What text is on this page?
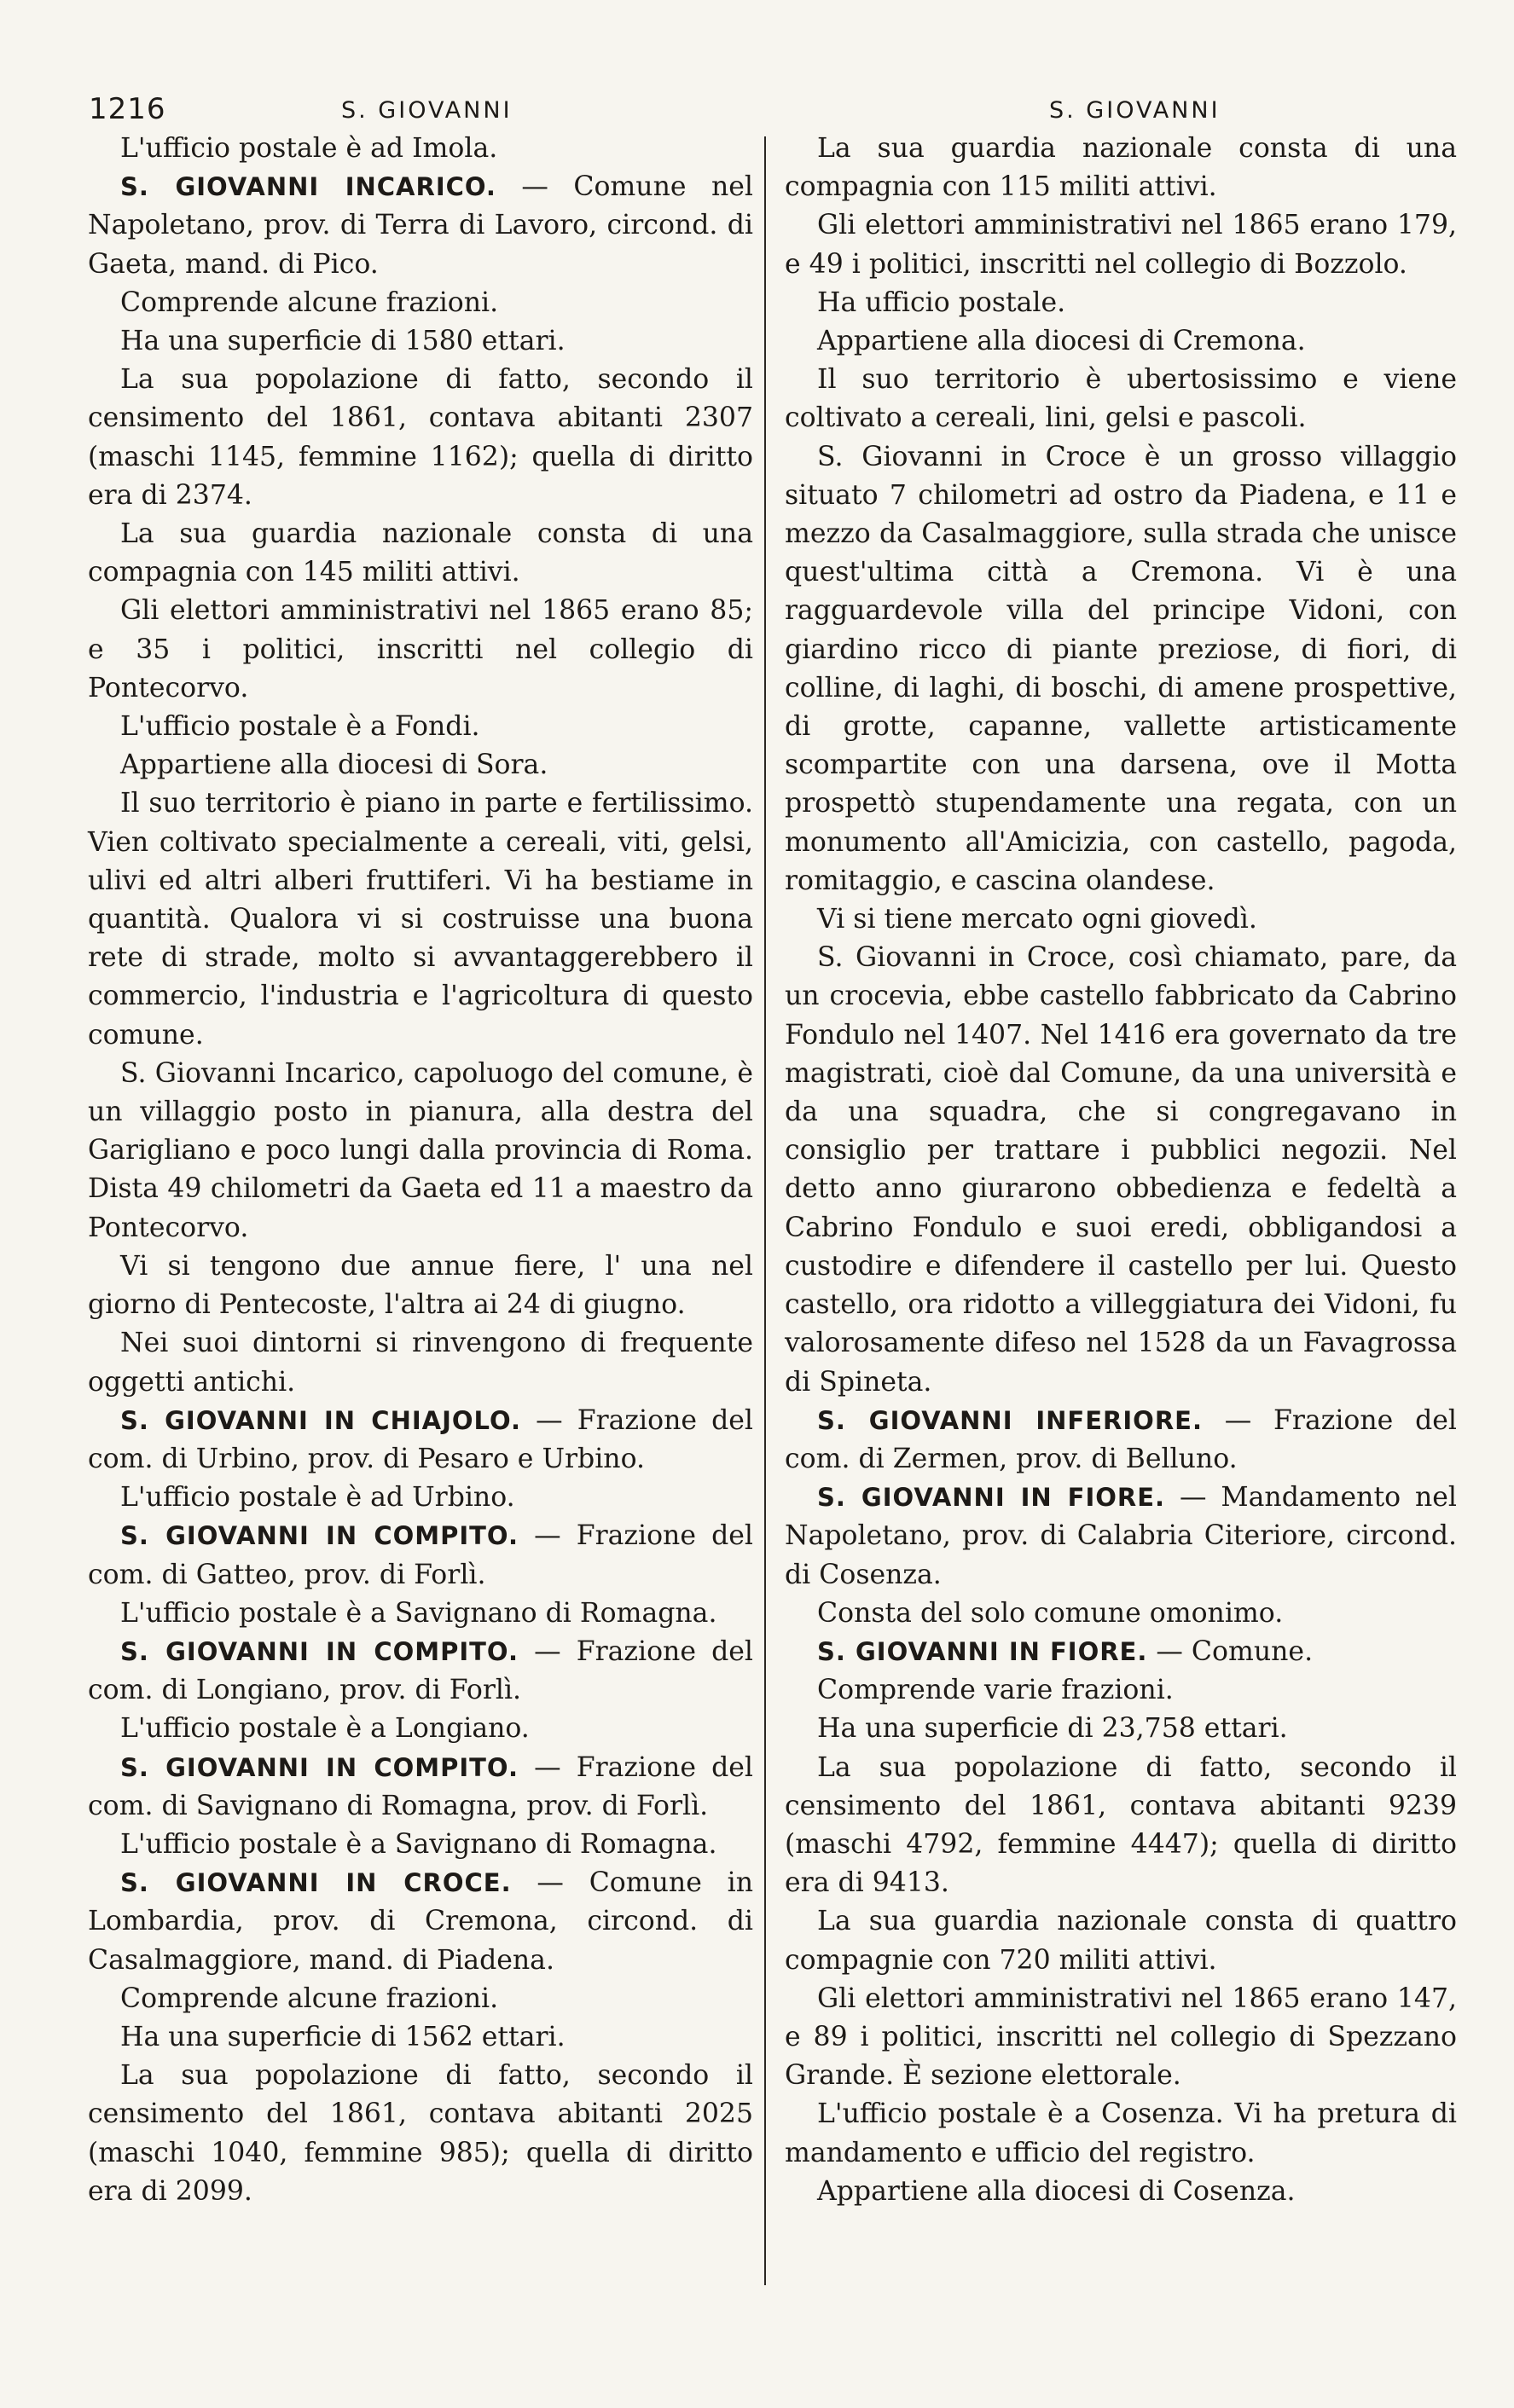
1216	S. GIOVANNI	S. GIOVANNI

L'ufficio postale è ad Imola.

S. GIOVANNI INCARICO. — Comune nel Napoletano, prov. di Terra di Lavoro, circond. di Gaeta, mand. di Pico.

Comprende alcune frazioni.

Ha una superficie di 1580 ettari.

La sua popolazione di fatto, secondo il censimento del 1861, contava abitanti 2307 (maschi 1145, femmine 1162); quella di diritto era di 2374.

La sua guardia nazionale consta di una compagnia con 145 militi attivi.

Gli elettori amministrativi nel 1865 erano 85; e 35 i politici, inscritti nel collegio di Pontecorvo.

L'ufficio postale è a Fondi.

Appartiene alla diocesi di Sora.

Il suo territorio è piano in parte e fertilissimo. Vien coltivato specialmente a cereali, viti, gelsi, ulivi ed altri alberi fruttiferi. Vi ha bestiame in quantità. Qualora vi si costruisse una buona rete di strade, molto si avvantaggerebbero il commercio, l'industria e l'agricoltura di questo comune.

S. Giovanni Incarico, capoluogo del comune, è un villaggio posto in pianura, alla destra del Garigliano e poco lungi dalla provincia di Roma. Dista 49 chilometri da Gaeta ed 11 a maestro da Pontecorvo.

Vi si tengono due annue fiere, l' una nel giorno di Pentecoste, l'altra ai 24 di giugno.

Nei suoi dintorni si rinvengono di frequente oggetti antichi.

S. GIOVANNI IN CHIAJOLO. — Frazione del com. di Urbino, prov. di Pesaro e Urbino.

L'ufficio postale è ad Urbino.

S. GIOVANNI IN COMPITO. — Frazione del com. di Gatteo, prov. di Forlì.

L'ufficio postale è a Savignano di Romagna.

S. GIOVANNI IN COMPITO. — Frazione del com. di Longiano, prov. di Forlì.

L'ufficio postale è a Longiano.

S. GIOVANNI IN COMPITO. — Frazione del com. di Savignano di Romagna, prov. di Forlì.

L'ufficio postale è a Savignano di Romagna.

S. GIOVANNI IN CROCE. — Comune in Lombardia, prov. di Cremona, circond. di Casalmaggiore, mand. di Piadena.

Comprende alcune frazioni.

Ha una superficie di 1562 ettari.

La sua popolazione di fatto, secondo il censimento del 1861, contava abitanti 2025 (maschi 1040, femmine 985); quella di diritto era di 2099.

La sua guardia nazionale consta di una compagnia con 115 militi attivi.

Gli elettori amministrativi nel 1865 erano 179, e 49 i politici, inscritti nel collegio di Bozzolo.

Ha ufficio postale.

Appartiene alla diocesi di Cremona.

Il suo territorio è ubertosissimo e viene coltivato a cereali, lini, gelsi e pascoli.

S. Giovanni in Croce è un grosso villaggio situato 7 chilometri ad ostro da Piadena, e 11 e mezzo da Casalmaggiore, sulla strada che unisce quest'ultima città a Cremona. Vi è una ragguardevole villa del principe Vidoni, con giardino ricco di piante preziose, di fiori, di colline, di laghi, di boschi, di amene prospettive, di grotte, capanne, vallette artisticamente scompartite con una darsena, ove il Motta prospettò stupendamente una regata, con un monumento all'Amicizia, con castello, pagoda, romitaggio, e cascina olandese.

Vi si tiene mercato ogni giovedì.

S. Giovanni in Croce, così chiamato, pare, da un crocevia, ebbe castello fabbricato da Cabrino Fondulo nel 1407. Nel 1416 era governato da tre magistrati, cioè dal Comune, da una università e da una squadra, che si congregavano in consiglio per trattare i pubblici negozii. Nel detto anno giurarono obbedienza e fedeltà a Cabrino Fondulo e suoi eredi, obbligandosi a custodire e difendere il castello per lui. Questo castello, ora ridotto a villeggiatura dei Vidoni, fu valorosamente difeso nel 1528 da un Favagrossa di Spineta.

S. GIOVANNI INFERIORE. — Frazione del com. di Zermen, prov. di Belluno.

S. GIOVANNI IN FIORE. — Mandamento nel Napoletano, prov. di Calabria Citeriore, circond. di Cosenza.

Consta del solo comune omonimo.

S. GIOVANNI IN FIORE. — Comune.

Comprende varie frazioni.

Ha una superficie di 23,758 ettari.

La sua popolazione di fatto, secondo il censimento del 1861, contava abitanti 9239 (maschi 4792, femmine 4447); quella di diritto era di 9413.

La sua guardia nazionale consta di quattro compagnie con 720 militi attivi.

Gli elettori amministrativi nel 1865 erano 147, e 89 i politici, inscritti nel collegio di Spezzano Grande. È sezione elettorale.

L'ufficio postale è a Cosenza. Vi ha pretura di mandamento e ufficio del registro.

Appartiene alla diocesi di Cosenza.
